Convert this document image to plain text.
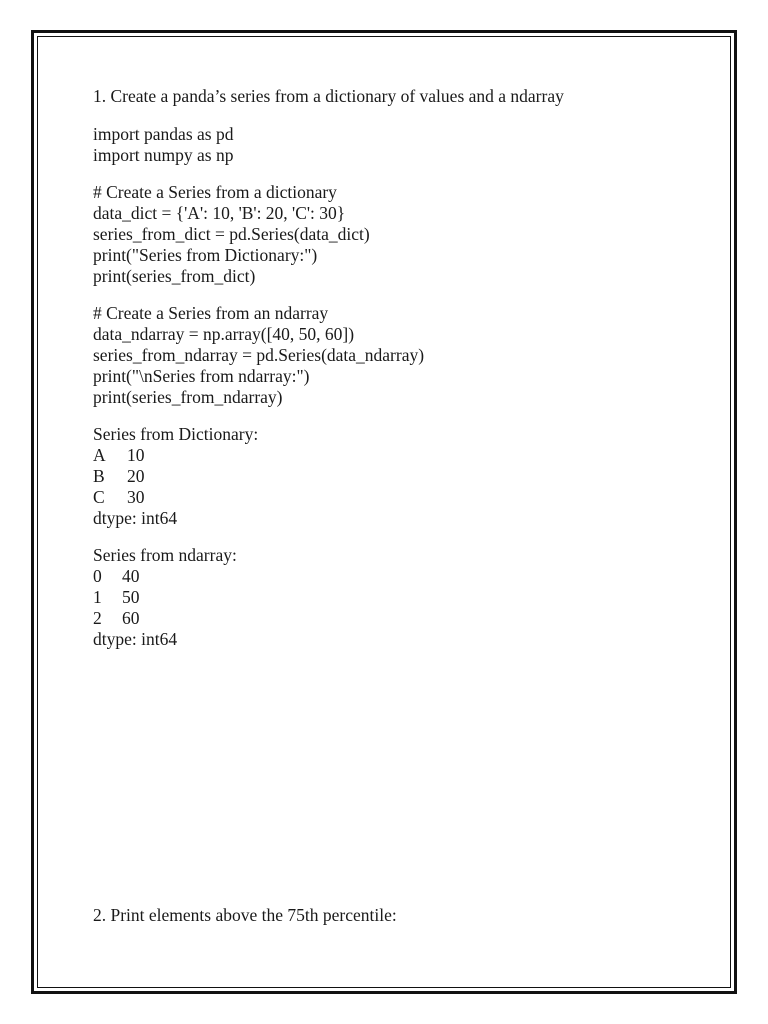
1. Create a panda’s series from a dictionary of values and a ndarray
import pandas as pd
import numpy as np
# Create a Series from a dictionary
data_dict = {'A': 10, 'B': 20, 'C': 30}
series_from_dict = pd.Series(data_dict)
print("Series from Dictionary:")
print(series_from_dict)
# Create a Series from an ndarray
data_ndarray = np.array([40, 50, 60])
series_from_ndarray = pd.Series(data_ndarray)
print("\nSeries from ndarray:")
print(series_from_ndarray)
Series from Dictionary:
A	10
B	20
C	30
dtype: int64
Series from ndarray:
0	40
1	50
2	60
dtype: int64
2. Print elements above the 75th percentile:
